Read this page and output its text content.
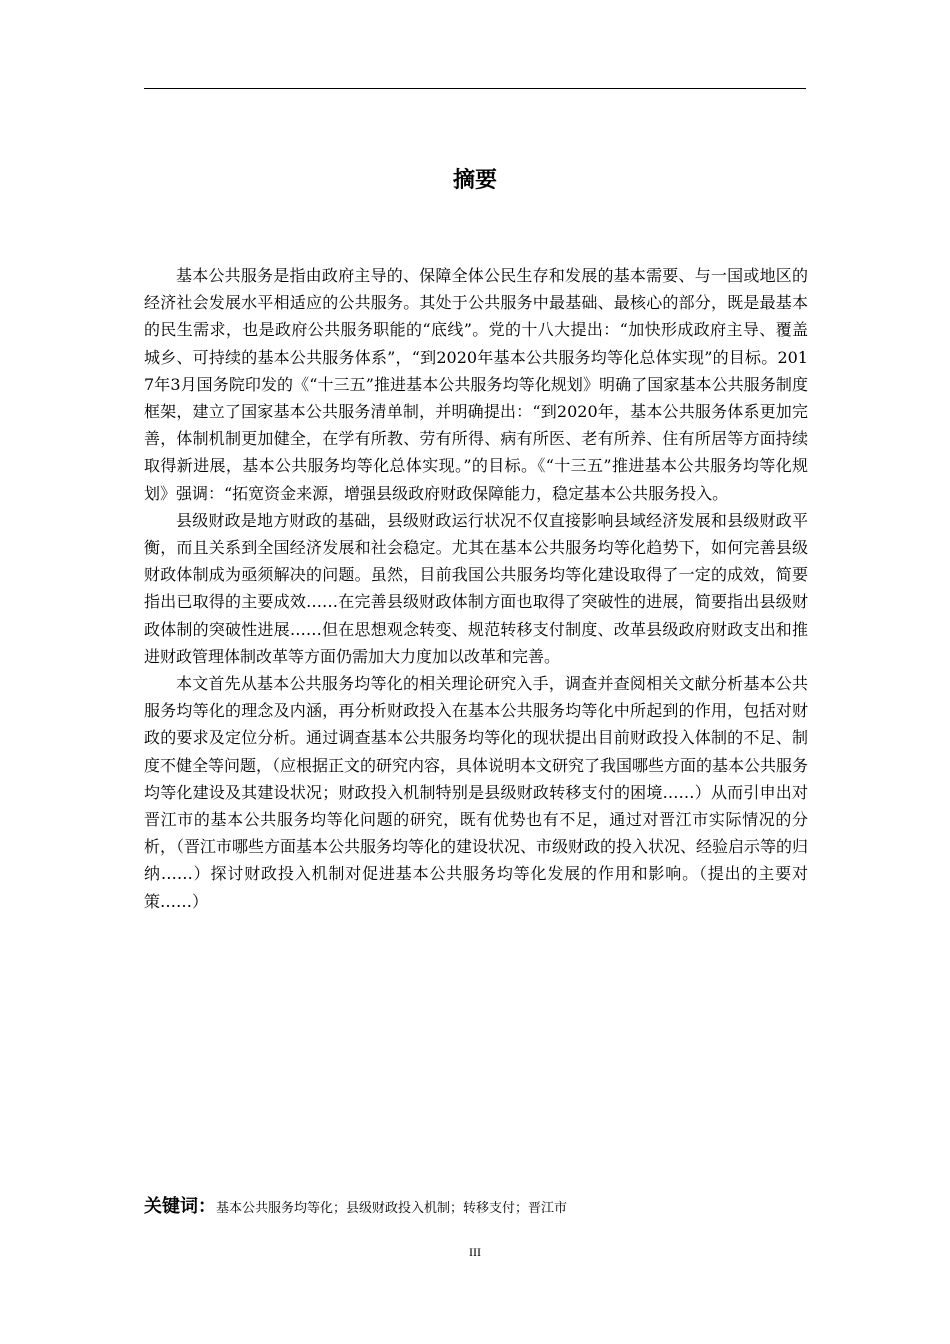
摘要

基本公共服务是指由政府主导的、保障全体公民生存和发展的基本需要、与一国或地区的经济社会发展水平相适应的公共服务。其处于公共服务中最基础、最核心的部分，既是最基本的民生需求，也是政府公共服务职能的“底线”。党的十八大提出：“加快形成政府主导、覆盖城乡、可持续的基本公共服务体系”，“到2020年基本公共服务均等化总体实现”的目标。2017年3月国务院印发的《“十三五”推进基本公共服务均等化规划》明确了国家基本公共服务制度框架，建立了国家基本公共服务清单制，并明确提出：“到2020年，基本公共服务体系更加完善，体制机制更加健全，在学有所教、劳有所得、病有所医、老有所养、住有所居等方面持续取得新进展，基本公共服务均等化总体实现。”的目标。《“十三五”推进基本公共服务均等化规划》强调：“拓宽资金来源，增强县级政府财政保障能力，稳定基本公共服务投入。

县级财政是地方财政的基础，县级财政运行状况不仅直接影响县域经济发展和县级财政平衡，而且关系到全国经济发展和社会稳定。尤其在基本公共服务均等化趋势下，如何完善县级财政体制成为亟须解决的问题。虽然，目前我国公共服务均等化建设取得了一定的成效，简要指出已取得的主要成效……在完善县级财政体制方面也取得了突破性的进展，简要指出县级财政体制的突破性进展……但在思想观念转变、规范转移支付制度、改革县级政府财政支出和推进财政管理体制改革等方面仍需加大力度加以改革和完善。

本文首先从基本公共服务均等化的相关理论研究入手，调查并查阅相关文献分析基本公共服务均等化的理念及内涵，再分析财政投入在基本公共服务均等化中所起到的作用，包括对财政的要求及定位分析。通过调查基本公共服务均等化的现状提出目前财政投入体制的不足、制度不健全等问题，（应根据正文的研究内容，具体说明本文研究了我国哪些方面的基本公共服务均等化建设及其建设状况；财政投入机制特别是县级财政转移支付的困境……）从而引申出对晋江市的基本公共服务均等化问题的研究，既有优势也有不足，通过对晋江市实际情况的分析，（晋江市哪些方面基本公共服务均等化的建设状况、市级财政的投入状况、经验启示等的归纳……）探讨财政投入机制对促进基本公共服务均等化发展的作用和影响。（提出的主要对策……）

关键词：基本公共服务均等化；县级财政投入机制；转移支付；晋江市
III
